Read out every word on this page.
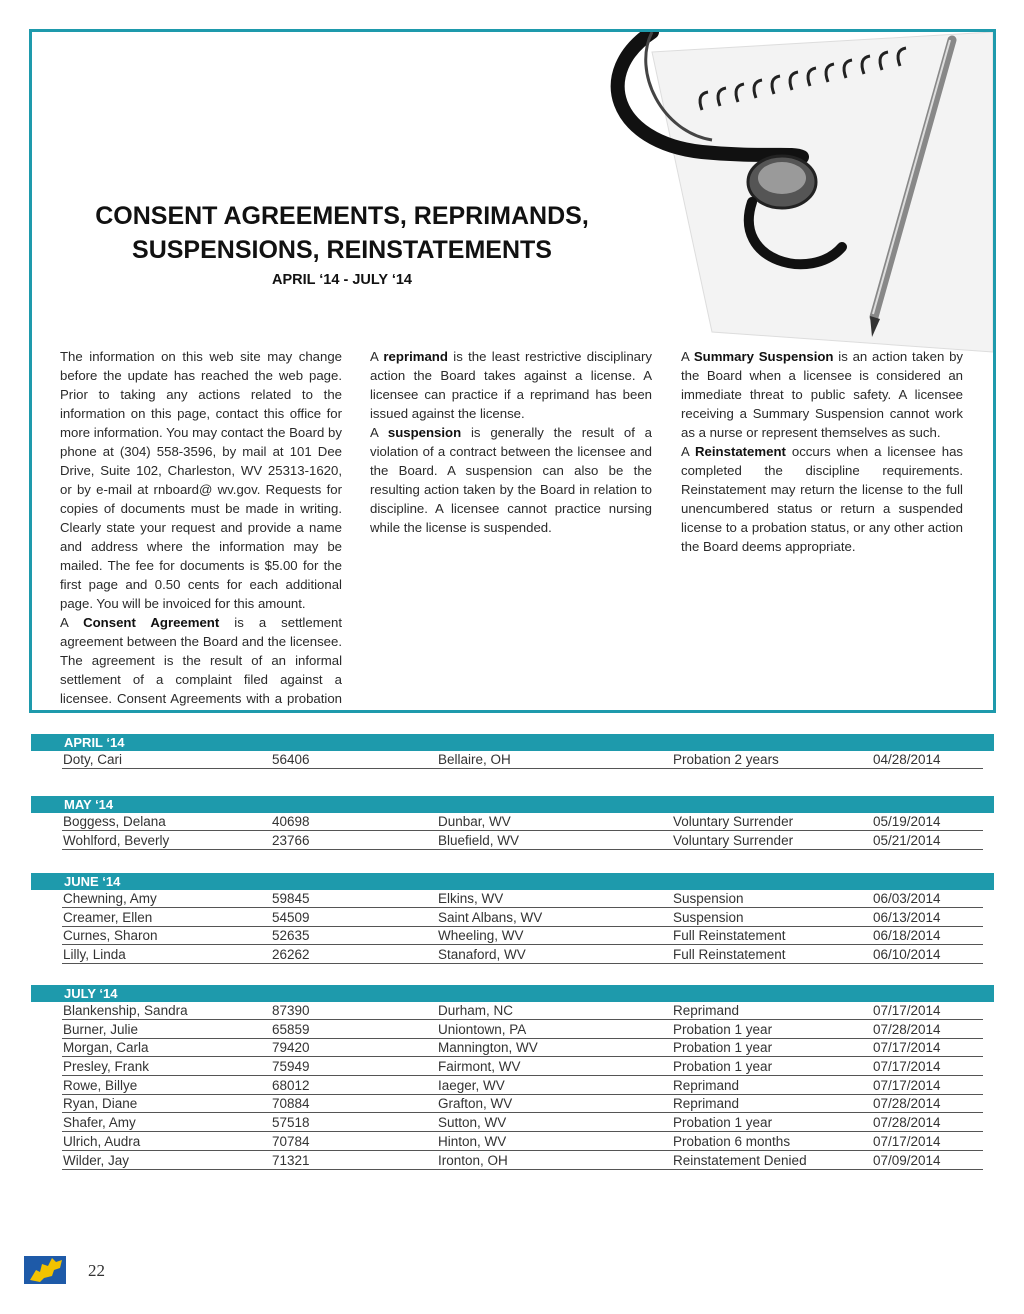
CONSENT AGREEMENTS, REPRIMANDS,
SUSPENSIONS, REINSTATEMENTS
APRIL ‘14 - JULY ‘14

The information on this web site may change before the update has reached the web page. Prior to taking any actions related to the information on this page, contact this office for more information. You may contact the Board by phone at (304) 558-3596, by mail at 101 Dee Drive, Suite 102, Charleston, WV 25313-1620, or by e-mail at rnboard@ wv.gov. Requests for copies of documents must be made in writing. Clearly state your request and provide a name and address where the information may be mailed. The fee for documents is $5.00 for the first page and 0.50 cents for each additional page. You will be invoiced for this amount.

A Consent Agreement is a settlement agreement between the Board and the licensee. The agreement is the result of an informal settlement of a complaint filed against a licensee. Consent Agreements with a probation

A reprimand is the least restrictive disciplinary action the Board takes against a license. A licensee can practice if a reprimand has been issued against the license.

A suspension is generally the result of a violation of a contract between the licensee and the Board. A suspension can also be the resulting action taken by the Board in relation to discipline. A licensee cannot practice nursing while the license is suspended.

A Summary Suspension is an action taken by the Board when a licensee is considered an immediate threat to public safety. A licensee receiving a Summary Suspension cannot work as a nurse or represent themselves as such.

A Reinstatement occurs when a licensee has completed the discipline requirements. Reinstatement may return the license to the full unencumbered status or return a suspended license to a probation status, or any other action the Board deems appropriate.

APRIL ‘14
Doty, Cari	56406	Bellaire, OH	Probation 2 years	04/28/2014
MAY ‘14
Boggess, Delana	40698	Dunbar, WV	Voluntary Surrender	05/19/2014
Wohlford, Beverly	23766	Bluefield, WV	Voluntary Surrender	05/21/2014
JUNE ‘14
Chewning, Amy	59845	Elkins, WV	Suspension	06/03/2014
Creamer, Ellen	54509	Saint Albans, WV	Suspension	06/13/2014
Curnes, Sharon	52635	Wheeling, WV	Full Reinstatement	06/18/2014
Lilly, Linda	26262	Stanaford, WV	Full Reinstatement	06/10/2014
JULY ‘14
Blankenship, Sandra	87390	Durham, NC	Reprimand	07/17/2014
Burner, Julie	65859	Uniontown, PA	Probation 1 year	07/28/2014
Morgan, Carla	79420	Mannington, WV	Probation 1 year	07/17/2014
Presley, Frank	75949	Fairmont, WV	Probation 1 year	07/17/2014
Rowe, Billye	68012	Iaeger, WV	Reprimand	07/17/2014
Ryan, Diane	70884	Grafton, WV	Reprimand	07/28/2014
Shafer, Amy	57518	Sutton, WV	Probation 1 year	07/28/2014
Ulrich, Audra	70784	Hinton, WV	Probation 6 months	07/17/2014
Wilder, Jay	71321	Ironton, OH	Reinstatement Denied	07/09/2014
22
